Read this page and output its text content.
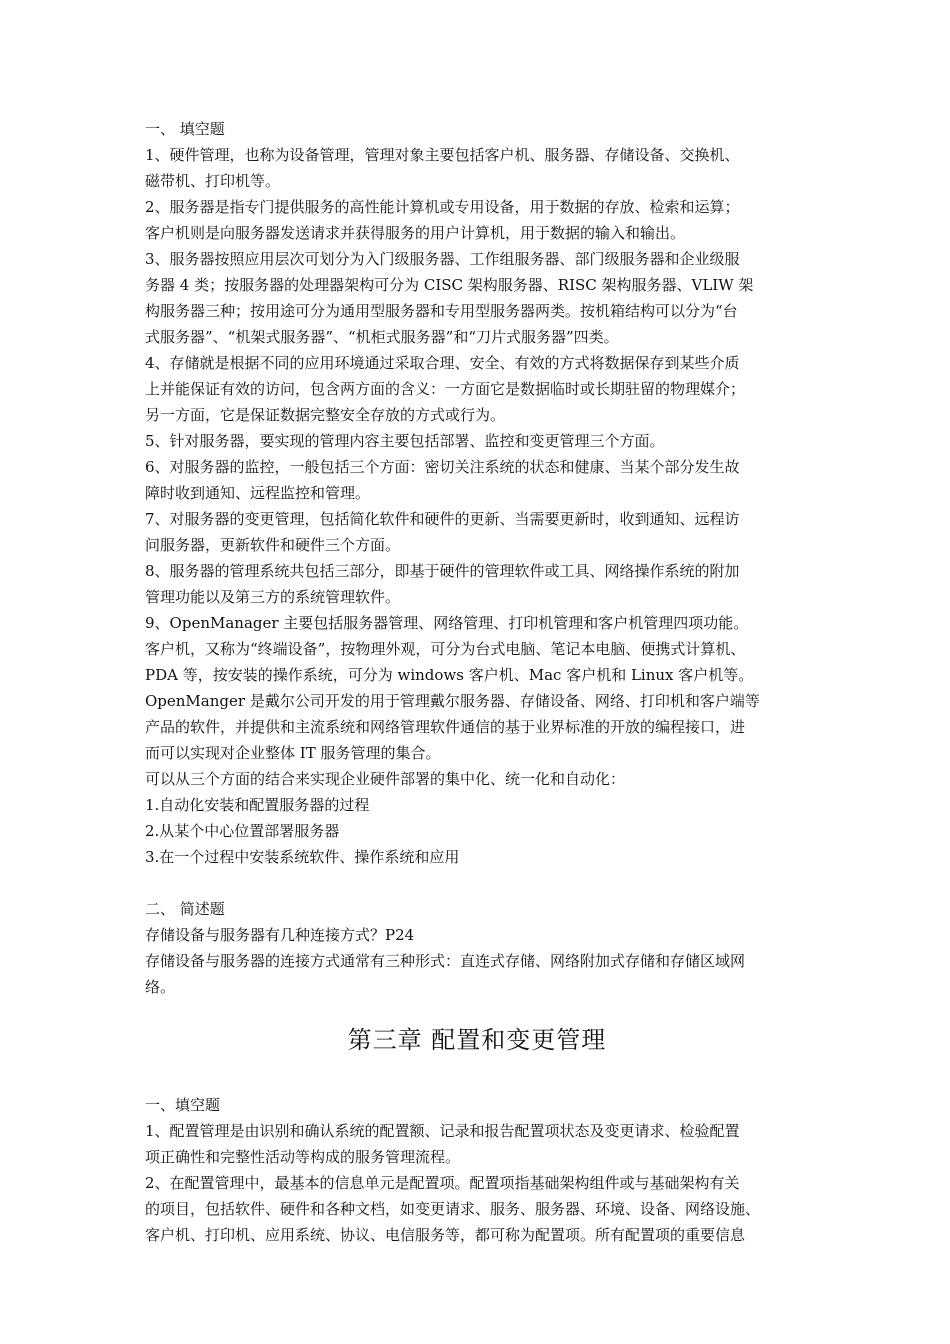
一、 填空题
1、硬件管理，也称为设备管理，管理对象主要包括客户机、服务器、存储设备、交换机、
磁带机、打印机等。
2、服务器是指专门提供服务的高性能计算机或专用设备，用于数据的存放、检索和运算；
客户机则是向服务器发送请求并获得服务的用户计算机，用于数据的输入和输出。
3、服务器按照应用层次可划分为入门级服务器、工作组服务器、部门级服务器和企业级服
务器 4 类；按服务器的处理器架构可分为 CISC 架构服务器、RISC 架构服务器、VLIW 架
构服务器三种；按用途可分为通用型服务器和专用型服务器两类。按机箱结构可以分为“台
式服务器”、“机架式服务器”、“机柜式服务器”和“刀片式服务器”四类。
4、存储就是根据不同的应用环境通过采取合理、安全、有效的方式将数据保存到某些介质
上并能保证有效的访问，包含两方面的含义：一方面它是数据临时或长期驻留的物理媒介；
另一方面，它是保证数据完整安全存放的方式或行为。
5、针对服务器，要实现的管理内容主要包括部署、监控和变更管理三个方面。
6、对服务器的监控，一般包括三个方面：密切关注系统的状态和健康、当某个部分发生故
障时收到通知、远程监控和管理。
7、对服务器的变更管理，包括简化软件和硬件的更新、当需要更新时，收到通知、远程访
问服务器，更新软件和硬件三个方面。
8、服务器的管理系统共包括三部分，即基于硬件的管理软件或工具、网络操作系统的附加
管理功能以及第三方的系统管理软件。
9、OpenManager 主要包括服务器管理、网络管理、打印机管理和客户机管理四项功能。
客户机，又称为“终端设备”，按物理外观，可分为台式电脑、笔记本电脑、便携式计算机、
PDA 等，按安装的操作系统，可分为 windows 客户机、Mac 客户机和 Linux 客户机等。
OpenManger 是戴尔公司开发的用于管理戴尔服务器、存储设备、网络、打印机和客户端等
产品的软件，并提供和主流系统和网络管理软件通信的基于业界标准的开放的编程接口，进
而可以实现对企业整体 IT 服务管理的集合。
可以从三个方面的结合来实现企业硬件部署的集中化、统一化和自动化：
1.自动化安装和配置服务器的过程
2.从某个中心位置部署服务器
3.在一个过程中安装系统软件、操作系统和应用
二、 简述题
存储设备与服务器有几种连接方式？P24
存储设备与服务器的连接方式通常有三种形式：直连式存储、网络附加式存储和存储区域网
络。
第三章 配置和变更管理
一、填空题
1、配置管理是由识别和确认系统的配置额、记录和报告配置项状态及变更请求、检验配置
项正确性和完整性活动等构成的服务管理流程。
2、在配置管理中，最基本的信息单元是配置项。配置项指基础架构组件或与基础架构有关
的项目，包括软件、硬件和各种文档，如变更请求、服务、服务器、环境、设备、网络设施、
客户机、打印机、应用系统、协议、电信服务等，都可称为配置项。所有配置项的重要信息
